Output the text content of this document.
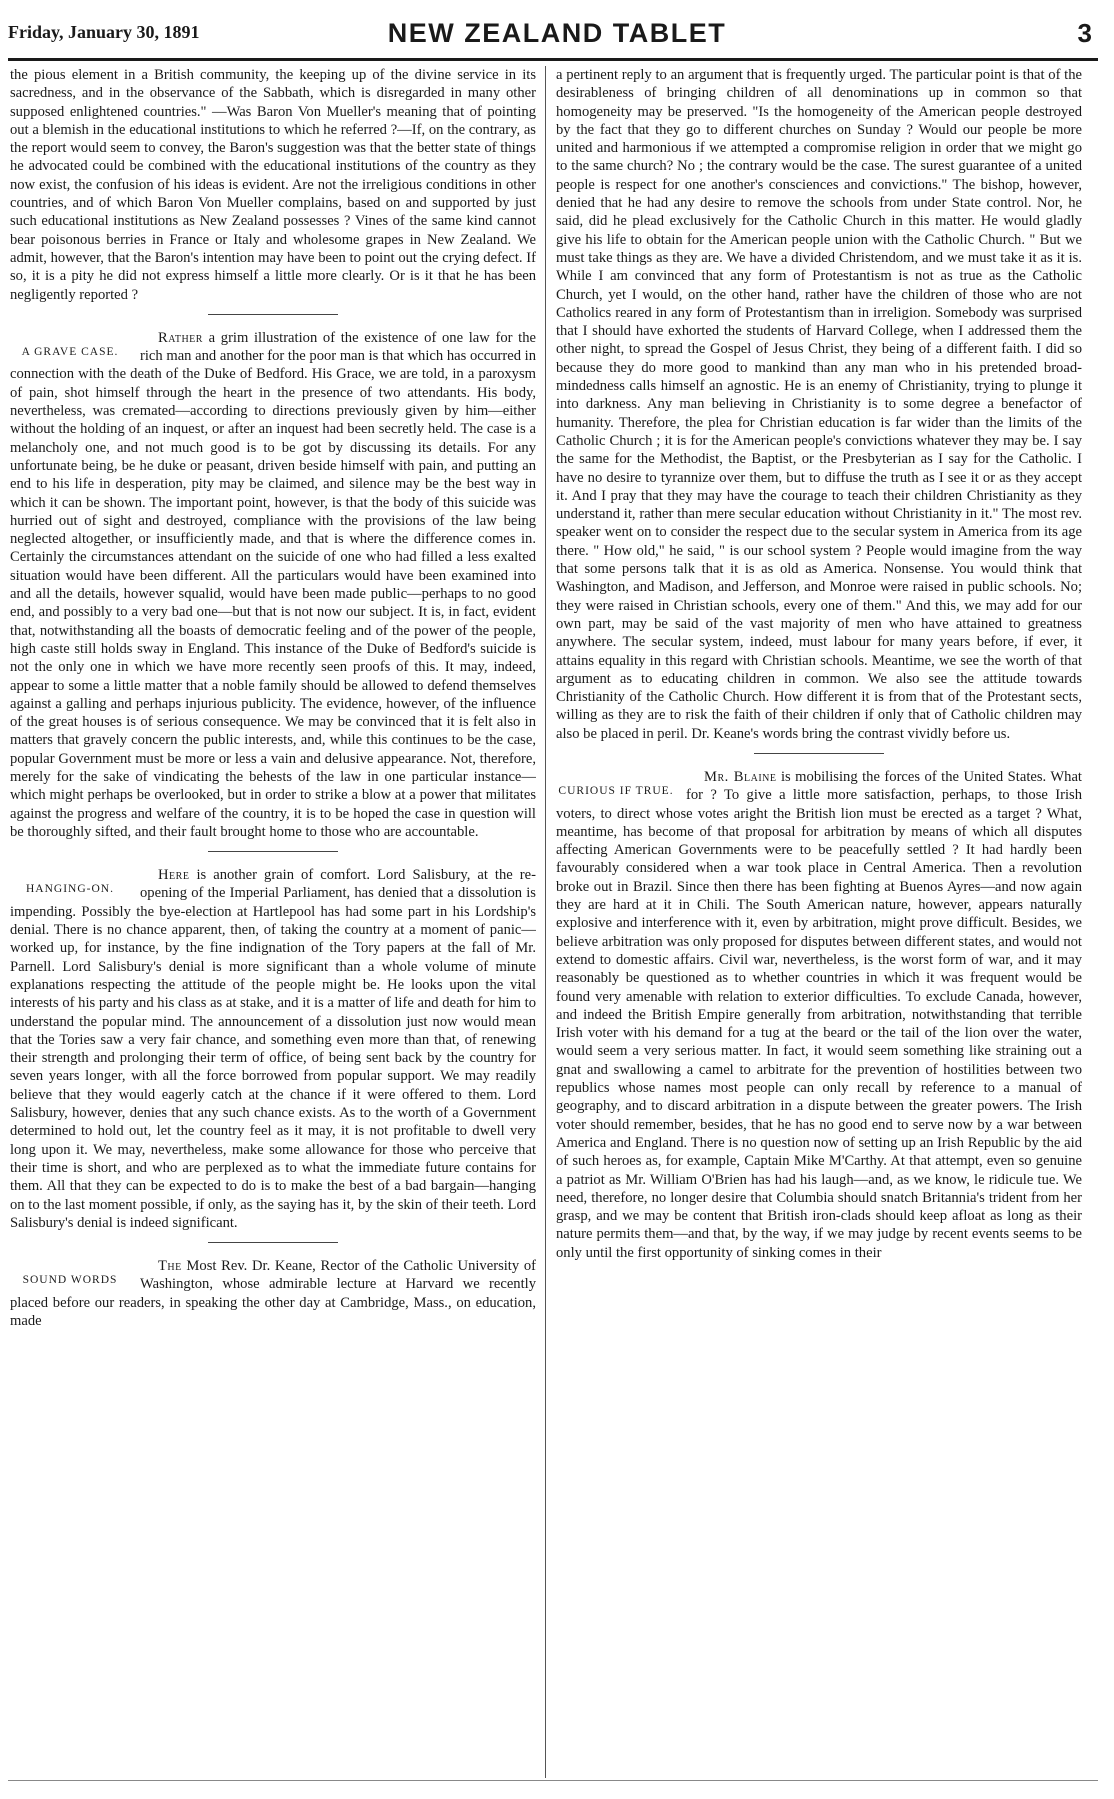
Friday, January 30, 1891	NEW ZEALAND TABLET	3

the pious element in a British community, the keeping up of the divine service in its sacredness, and in the observance of the Sabbath, which is disregarded in many other supposed enlightened countries." —Was Baron Von Mueller's meaning that of pointing out a blemish in the educational institutions to which he referred ?—If, on the contrary, as the report would seem to convey, the Baron's suggestion was that the better state of things he advocated could be combined with the educational institutions of the country as they now exist, the confusion of his ideas is evident. Are not the irreligious conditions in other countries, and of which Baron Von Mueller complains, based on and supported by just such educational institutions as New Zealand possesses ? Vines of the same kind cannot bear poisonous berries in France or Italy and wholesome grapes in New Zealand. We admit, however, that the Baron's intention may have been to point out the crying defect. If so, it is a pity he did not express himself a little more clearly. Or is it that he has been negligently reported ?

A GRAVE CASE.

Rather a grim illustration of the existence of one law for the rich man and another for the poor man is that which has occurred in connection with the death of the Duke of Bedford. His Grace, we are told, in a paroxysm of pain, shot himself through the heart in the presence of two attendants. His body, nevertheless, was cremated—according to directions previously given by him—either without the holding of an inquest, or after an inquest had been secretly held. The case is a melancholy one, and not much good is to be got by discussing its details. For any unfortunate being, be he duke or peasant, driven beside himself with pain, and putting an end to his life in desperation, pity may be claimed, and silence may be the best way in which it can be shown. The important point, however, is that the body of this suicide was hurried out of sight and destroyed, compliance with the provisions of the law being neglected altogether, or insufficiently made, and that is where the difference comes in. Certainly the circumstances attendant on the suicide of one who had filled a less exalted situation would have been different. All the particulars would have been examined into and all the details, however squalid, would have been made public—perhaps to no good end, and possibly to a very bad one—but that is not now our subject. It is, in fact, evident that, notwithstanding all the boasts of democratic feeling and of the power of the people, high caste still holds sway in England. This instance of the Duke of Bedford's suicide is not the only one in which we have more recently seen proofs of this. It may, indeed, appear to some a little matter that a noble family should be allowed to defend themselves against a galling and perhaps injurious publicity. The evidence, however, of the influence of the great houses is of serious consequence. We may be convinced that it is felt also in matters that gravely concern the public interests, and, while this continues to be the case, popular Government must be more or less a vain and delusive appearance. Not, therefore, merely for the sake of vindicating the behests of the law in one particular instance—which might perhaps be overlooked, but in order to strike a blow at a power that militates against the progress and welfare of the country, it is to be hoped the case in question will be thoroughly sifted, and their fault brought home to those who are accountable.

HANGING-ON.

Here is another grain of comfort. Lord Salisbury, at the re-opening of the Imperial Parliament, has denied that a dissolution is impending. Possibly the bye-election at Hartlepool has had some part in his Lordship's denial. There is no chance apparent, then, of taking the country at a moment of panic—worked up, for instance, by the fine indignation of the Tory papers at the fall of Mr. Parnell. Lord Salisbury's denial is more significant than a whole volume of minute explanations respecting the attitude of the people might be. He looks upon the vital interests of his party and his class as at stake, and it is a matter of life and death for him to understand the popular mind. The announcement of a dissolution just now would mean that the Tories saw a very fair chance, and something even more than that, of renewing their strength and prolonging their term of office, of being sent back by the country for seven years longer, with all the force borrowed from popular support. We may readily believe that they would eagerly catch at the chance if it were offered to them. Lord Salisbury, however, denies that any such chance exists. As to the worth of a Government determined to hold out, let the country feel as it may, it is not profitable to dwell very long upon it. We may, nevertheless, make some allowance for those who perceive that their time is short, and who are perplexed as to what the immediate future contains for them. All that they can be expected to do is to make the best of a bad bargain—hanging on to the last moment possible, if only, as the saying has it, by the skin of their teeth. Lord Salisbury's denial is indeed significant.

SOUND WORDS

The Most Rev. Dr. Keane, Rector of the Catholic University of Washington, whose admirable lecture at Harvard we recently placed before our readers, in speaking the other day at Cambridge, Mass., on education, made

a pertinent reply to an argument that is frequently urged. The particular point is that of the desirableness of bringing children of all denominations up in common so that homogeneity may be preserved. "Is the homogeneity of the American people destroyed by the fact that they go to different churches on Sunday ? Would our people be more united and harmonious if we attempted a compromise religion in order that we might go to the same church? No ; the contrary would be the case. The surest guarantee of a united people is respect for one another's consciences and convictions." The bishop, however, denied that he had any desire to remove the schools from under State control. Nor, he said, did he plead exclusively for the Catholic Church in this matter. He would gladly give his life to obtain for the American people union with the Catholic Church. " But we must take things as they are. We have a divided Christendom, and we must take it as it is. While I am convinced that any form of Protestantism is not as true as the Catholic Church, yet I would, on the other hand, rather have the children of those who are not Catholics reared in any form of Protestantism than in irreligion. Somebody was surprised that I should have exhorted the students of Harvard College, when I addressed them the other night, to spread the Gospel of Jesus Christ, they being of a different faith. I did so because they do more good to mankind than any man who in his pretended broad-mindedness calls himself an agnostic. He is an enemy of Christianity, trying to plunge it into darkness. Any man believing in Christianity is to some degree a benefactor of humanity. Therefore, the plea for Christian education is far wider than the limits of the Catholic Church ; it is for the American people's convictions whatever they may be. I say the same for the Methodist, the Baptist, or the Presbyterian as I say for the Catholic. I have no desire to tyrannize over them, but to diffuse the truth as I see it or as they accept it. And I pray that they may have the courage to teach their children Christianity as they understand it, rather than mere secular education without Christianity in it." The most rev. speaker went on to consider the respect due to the secular system in America from its age there. " How old," he said, " is our school system ? People would imagine from the way that some persons talk that it is as old as America. Nonsense. You would think that Washington, and Madison, and Jefferson, and Monroe were raised in public schools. No; they were raised in Christian schools, every one of them." And this, we may add for our own part, may be said of the vast majority of men who have attained to greatness anywhere. The secular system, indeed, must labour for many years before, if ever, it attains equality in this regard with Christian schools. Meantime, we see the worth of that argument as to educating children in common. We also see the attitude towards Christianity of the Catholic Church. How different it is from that of the Protestant sects, willing as they are to risk the faith of their children if only that of Catholic children may also be placed in peril. Dr. Keane's words bring the contrast vividly before us.

CURIOUS IF TRUE.

Mr. Blaine is mobilising the forces of the United States. What for ? To give a little more satisfaction, perhaps, to those Irish voters, to direct whose votes aright the British lion must be erected as a target ? What, meantime, has become of that proposal for arbitration by means of which all disputes affecting American Governments were to be peacefully settled ? It had hardly been favourably considered when a war took place in Central America. Then a revolution broke out in Brazil. Since then there has been fighting at Buenos Ayres—and now again they are hard at it in Chili. The South American nature, however, appears naturally explosive and interference with it, even by arbitration, might prove difficult. Besides, we believe arbitration was only proposed for disputes between different states, and would not extend to domestic affairs. Civil war, nevertheless, is the worst form of war, and it may reasonably be questioned as to whether countries in which it was frequent would be found very amenable with relation to exterior difficulties. To exclude Canada, however, and indeed the British Empire generally from arbitration, notwithstanding that terrible Irish voter with his demand for a tug at the beard or the tail of the lion over the water, would seem a very serious matter. In fact, it would seem something like straining out a gnat and swallowing a camel to arbitrate for the prevention of hostilities between two republics whose names most people can only recall by reference to a manual of geography, and to discard arbitration in a dispute between the greater powers. The Irish voter should remember, besides, that he has no good end to serve now by a war between America and England. There is no question now of setting up an Irish Republic by the aid of such heroes as, for example, Captain Mike M'Carthy. At that attempt, even so genuine a patriot as Mr. William O'Brien has had his laugh—and, as we know, le ridicule tue. We need, therefore, no longer desire that Columbia should snatch Britannia's trident from her grasp, and we may be content that British iron-clads should keep afloat as long as their nature permits them—and that, by the way, if we may judge by recent events seems to be only until the first opportunity of sinking comes in their
